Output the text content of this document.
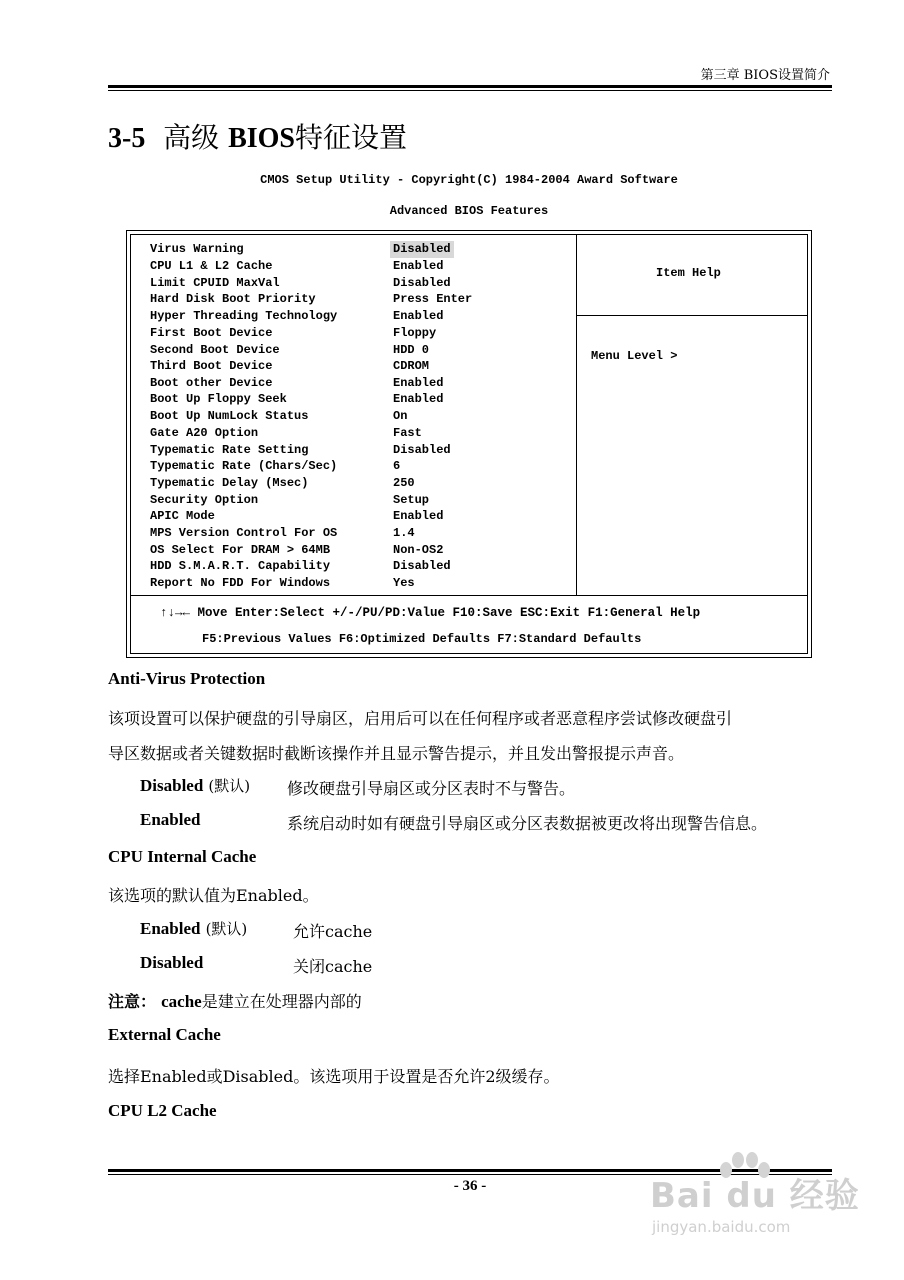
第三章 BIOS设置简介
3-5 高级 BIOS特征设置
CMOS Setup Utility - Copyright(C) 1984-2004 Award Software
Advanced BIOS Features
Virus Warning	Disabled
CPU L1 & L2 Cache	Enabled
Limit CPUID MaxVal	Disabled
Hard Disk Boot Priority	Press Enter
Hyper Threading Technology	Enabled
First Boot Device	Floppy
Second Boot Device	HDD 0
Third Boot Device	CDROM
Boot other Device	Enabled
Boot Up Floppy Seek	Enabled
Boot Up NumLock Status	On
Gate A20 Option	Fast
Typematic Rate Setting	Disabled
Typematic Rate (Chars/Sec)	6
Typematic Delay (Msec)	250
Security Option	Setup
APIC Mode	Enabled
MPS Version Control For OS	1.4
OS Select For DRAM > 64MB	Non-OS2
HDD S.M.A.R.T. Capability	Disabled
Report No FDD For Windows	Yes
Item Help
Menu Level >
↑↓→← Move Enter:Select +/-/PU/PD:Value F10:Save ESC:Exit F1:General Help
F5:Previous Values F6:Optimized Defaults F7:Standard Defaults
Anti-Virus Protection
该项设置可以保护硬盘的引导扇区，启用后可以在任何程序或者恶意程序尝试修改硬盘引
导区数据或者关键数据时截断该操作并且显示警告提示，并且发出警报提示声音。
Disabled (默认) 修改硬盘引导扇区或分区表时不与警告。
Enabled	系统启动时如有硬盘引导扇区或分区表数据被更改将出现警告信息。
CPU Internal Cache
该选项的默认值为Enabled。
Enabled (默认)	允许cache
Disabled	关闭cache
注意： cache是建立在处理器内部的
External Cache
选择Enabled或Disabled。该选项用于设置是否允许2级缓存。
CPU L2 Cache
- 36 -	Bai du 经验
jingyan.baidu.com
